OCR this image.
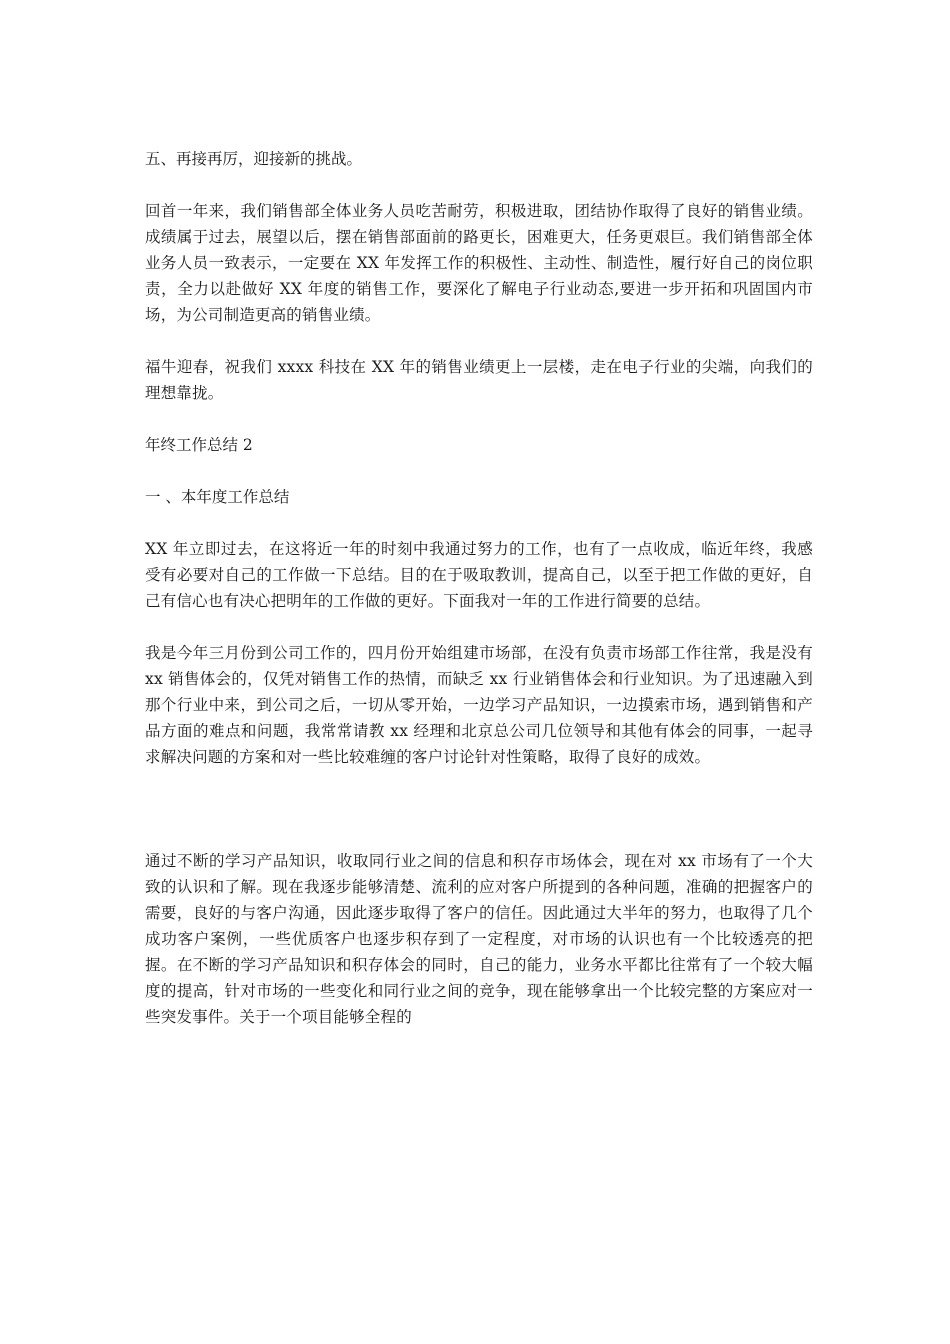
五、再接再厉，迎接新的挑战。

回首一年来，我们销售部全体业务人员吃苦耐劳，积极进取，团结协作取得了良好的销售业绩。成绩属于过去，展望以后，摆在销售部面前的路更长，困难更大，任务更艰巨。我们销售部全体业务人员一致表示，一定要在 XX 年发挥工作的积极性、主动性、制造性，履行好自己的岗位职责，全力以赴做好 XX 年度的销售工作，要深化了解电子行业动态,要进一步开拓和巩固国内市场，为公司制造更高的销售业绩。

福牛迎春，祝我们 xxxx 科技在 XX 年的销售业绩更上一层楼，走在电子行业的尖端，向我们的理想靠拢。

年终工作总结 2

一 、本年度工作总结

XX 年立即过去，在这将近一年的时刻中我通过努力的工作，也有了一点收成，临近年终，我感受有必要对自己的工作做一下总结。目的在于吸取教训，提高自己，以至于把工作做的更好，自己有信心也有决心把明年的工作做的更好。下面我对一年的工作进行简要的总结。

我是今年三月份到公司工作的，四月份开始组建市场部，在没有负责市场部工作往常，我是没有 xx 销售体会的，仅凭对销售工作的热情，而缺乏 xx 行业销售体会和行业知识。为了迅速融入到那个行业中来，到公司之后，一切从零开始，一边学习产品知识，一边摸索市场，遇到销售和产品方面的难点和问题，我常常请教 xx 经理和北京总公司几位领导和其他有体会的同事，一起寻求解决问题的方案和对一些比较难缠的客户讨论针对性策略，取得了良好的成效。

通过不断的学习产品知识，收取同行业之间的信息和积存市场体会，现在对 xx 市场有了一个大致的认识和了解。现在我逐步能够清楚、流利的应对客户所提到的各种问题，准确的把握客户的需要，良好的与客户沟通，因此逐步取得了客户的信任。因此通过大半年的努力，也取得了几个成功客户案例，一些优质客户也逐步积存到了一定程度，对市场的认识也有一个比较透亮的把握。在不断的学习产品知识和积存体会的同时，自己的能力，业务水平都比往常有了一个较大幅度的提高，针对市场的一些变化和同行业之间的竞争，现在能够拿出一个比较完整的方案应对一些突发事件。关于一个项目能够全程的
